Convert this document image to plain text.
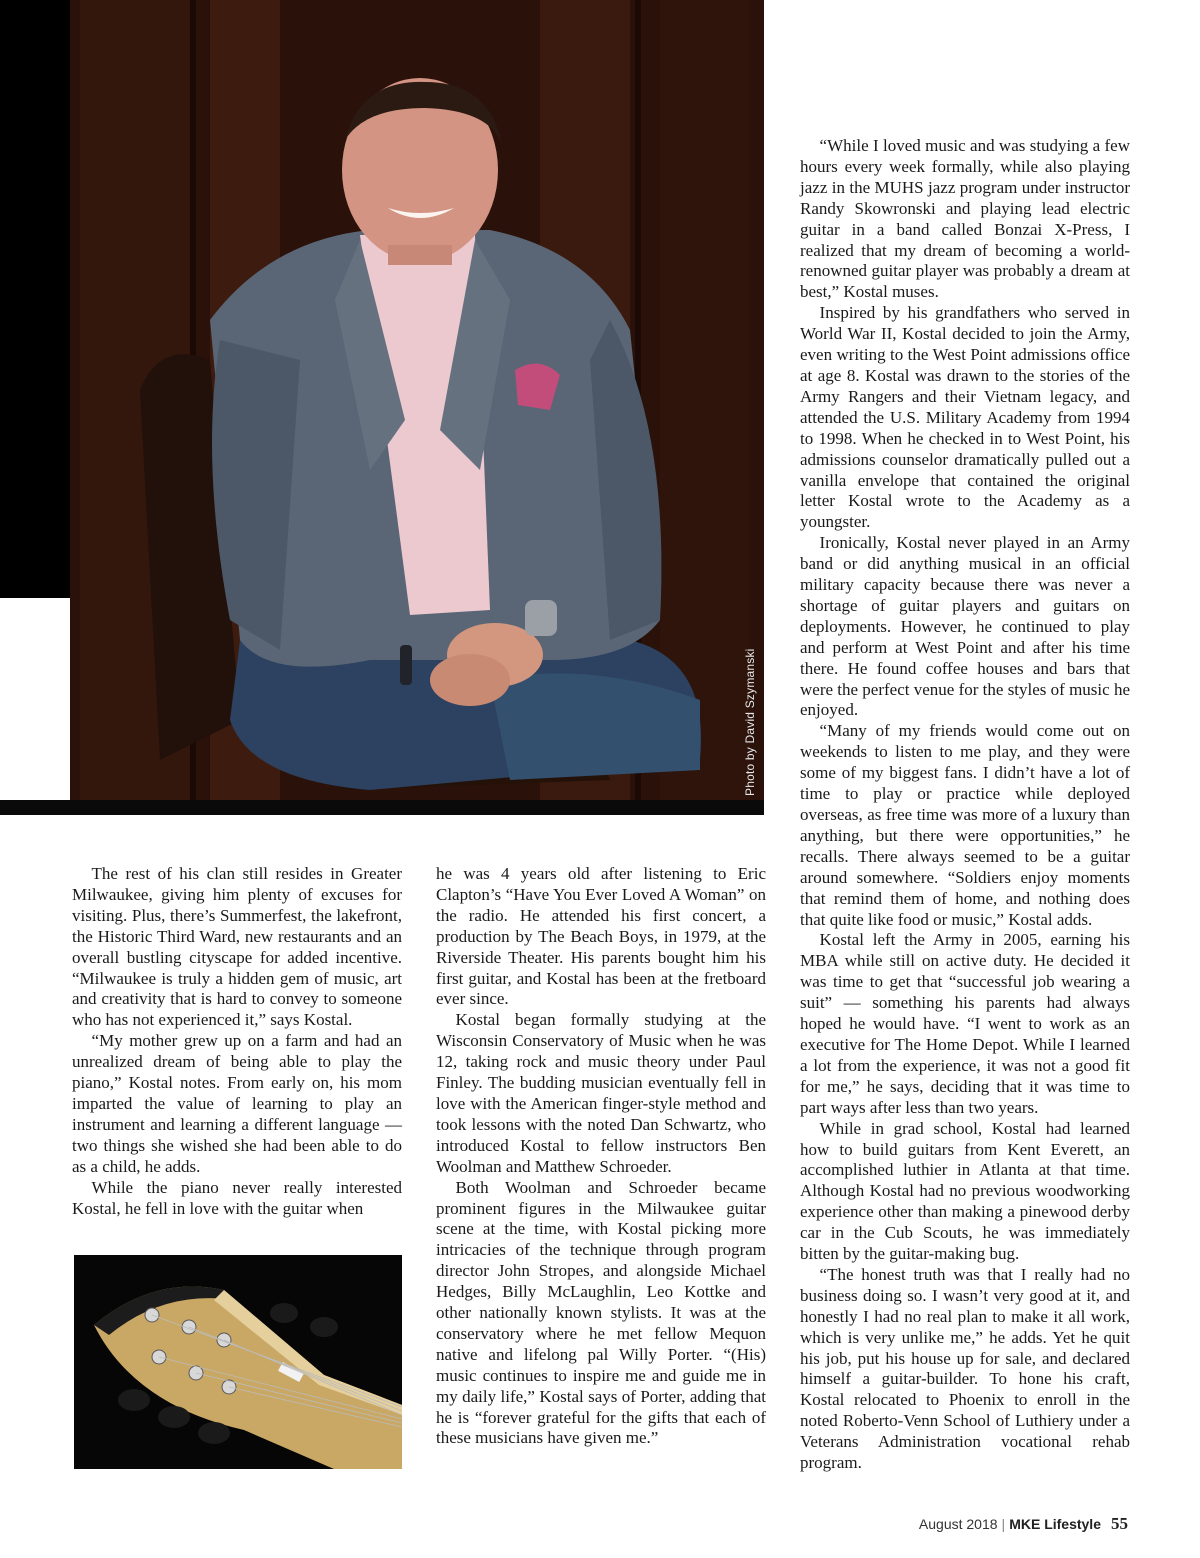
Photo by David Szymanski

The rest of his clan still resides in Greater Milwaukee, giving him plenty of excuses for visiting. Plus, there’s Summerfest, the lakefront, the Historic Third Ward, new restaurants and an overall bustling cityscape for added incentive. “Milwaukee is truly a hidden gem of music, art and creativity that is hard to convey to someone who has not experienced it,” says Kostal.

“My mother grew up on a farm and had an unrealized dream of being able to play the piano,” Kostal notes. From early on, his mom imparted the value of learning to play an instrument and learning a different language — two things she wished she had been able to do as a child, he adds.

While the piano never really interested Kostal, he fell in love with the guitar when

he was 4 years old after listening to Eric Clapton’s “Have You Ever Loved A Woman” on the radio. He attended his first concert, a production by The Beach Boys, in 1979, at the Riverside Theater. His parents bought him his first guitar, and Kostal has been at the fretboard ever since.

Kostal began formally studying at the Wisconsin Conservatory of Music when he was 12, taking rock and music theory under Paul Finley. The budding musician eventually fell in love with the American finger-style method and took lessons with the noted Dan Schwartz, who introduced Kostal to fellow instructors Ben Woolman and Matthew Schroeder.

Both Woolman and Schroeder became prominent figures in the Milwaukee guitar scene at the time, with Kostal picking more intricacies of the technique through program director John Stropes, and alongside Michael Hedges, Billy McLaughlin, Leo Kottke and other nationally known stylists. It was at the conservatory where he met fellow Mequon native and lifelong pal Willy Porter. “(His) music continues to inspire me and guide me in my daily life,” Kostal says of Porter, adding that he is “forever grateful for the gifts that each of these musicians have given me.”

“While I loved music and was studying a few hours every week formally, while also playing jazz in the MUHS jazz program under instructor Randy Skowronski and playing lead electric guitar in a band called Bonzai X-Press, I realized that my dream of becoming a world-renowned guitar player was probably a dream at best,” Kostal muses.

Inspired by his grandfathers who served in World War II, Kostal decided to join the Army, even writing to the West Point admissions office at age 8. Kostal was drawn to the stories of the Army Rangers and their Vietnam legacy, and attended the U.S. Military Academy from 1994 to 1998. When he checked in to West Point, his admissions counselor dramatically pulled out a vanilla envelope that contained the original letter Kostal wrote to the Academy as a youngster.

Ironically, Kostal never played in an Army band or did anything musical in an official military capacity because there was never a shortage of guitar players and guitars on deployments. However, he continued to play and perform at West Point and after his time there. He found coffee houses and bars that were the perfect venue for the styles of music he enjoyed.

“Many of my friends would come out on weekends to listen to me play, and they were some of my biggest fans. I didn’t have a lot of time to play or practice while deployed overseas, as free time was more of a luxury than anything, but there were opportunities,” he recalls. There always seemed to be a guitar around somewhere. “Soldiers enjoy moments that remind them of home, and nothing does that quite like food or music,” Kostal adds.

Kostal left the Army in 2005, earning his MBA while still on active duty. He decided it was time to get that “successful job wearing a suit” — something his parents had always hoped he would have. “I went to work as an executive for The Home Depot. While I learned a lot from the experience, it was not a good fit for me,” he says, deciding that it was time to part ways after less than two years.

While in grad school, Kostal had learned how to build guitars from Kent Everett, an accomplished luthier in Atlanta at that time. Although Kostal had no previous woodworking experience other than making a pinewood derby car in the Cub Scouts, he was immediately bitten by the guitar-making bug.

“The honest truth was that I really had no business doing so. I wasn’t very good at it, and honestly I had no real plan to make it all work, which is very unlike me,” he adds. Yet he quit his job, put his house up for sale, and declared himself a guitar-builder. To hone his craft, Kostal relocated to Phoenix to enroll in the noted Roberto-Venn School of Luthiery under a Veterans Administration vocational rehab program.

August 2018 | MKE Lifestyle 55
